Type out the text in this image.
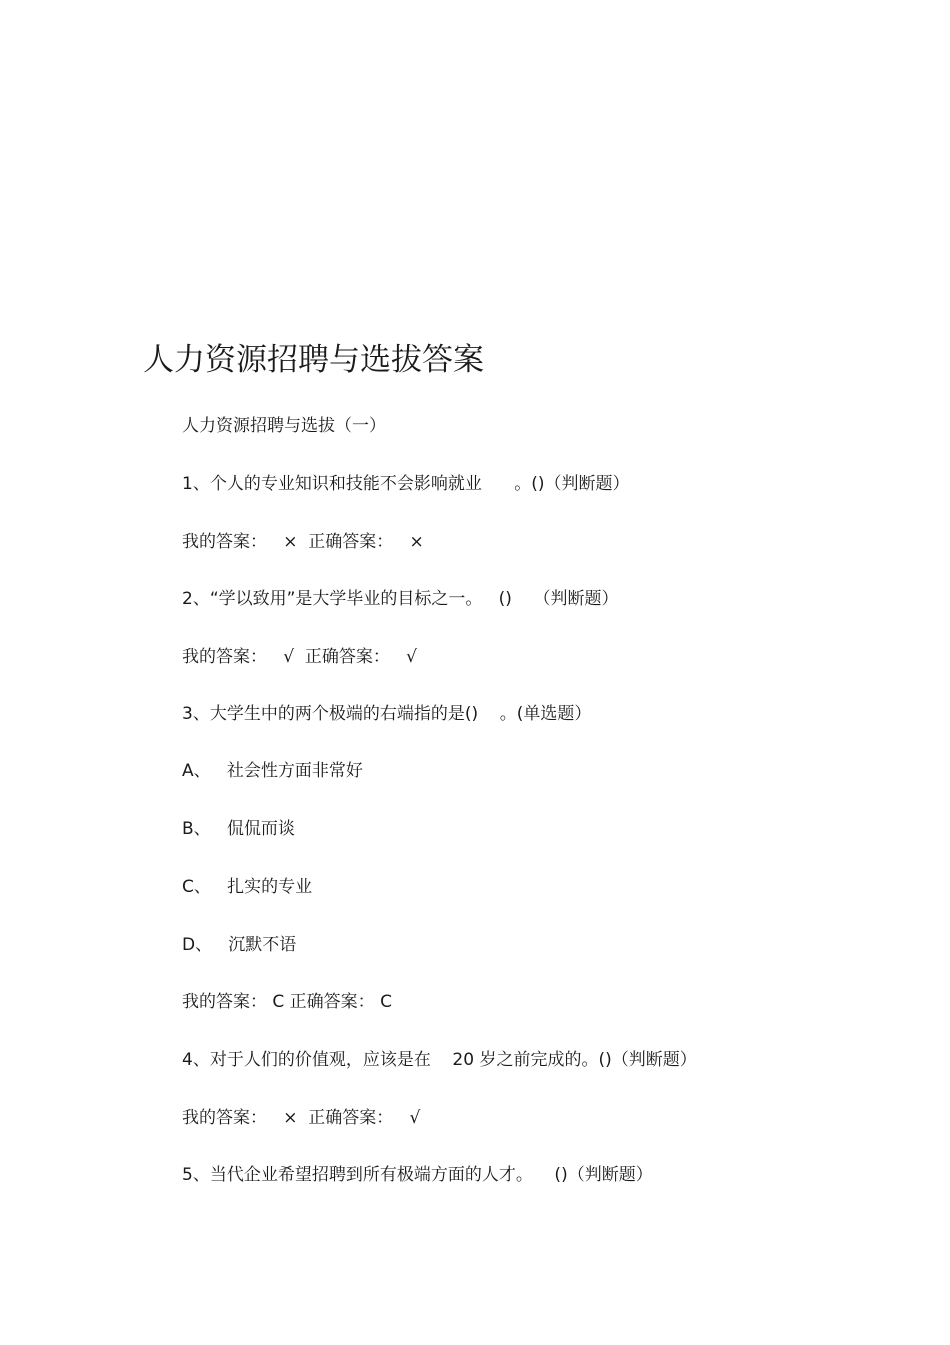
人力资源招聘与选拔答案
人力资源招聘与选拔（一）
1、个人的专业知识和技能不会影响就业      。()（判断题）
我的答案：   ×  正确答案：   ×
2、“学以致用”是大学毕业的目标之一。   ()    （判断题）
我的答案：   √  正确答案：   √
3、大学生中的两个极端的右端指的是()    。(单选题）
A、   社会性方面非常好
B、   侃侃而谈
C、   扎实的专业
D、   沉默不语
我的答案： C 正确答案： C
4、对于人们的价值观，应该是在    20 岁之前完成的。()（判断题）
我的答案：   ×  正确答案：   √
5、当代企业希望招聘到所有极端方面的人才。    ()（判断题）
